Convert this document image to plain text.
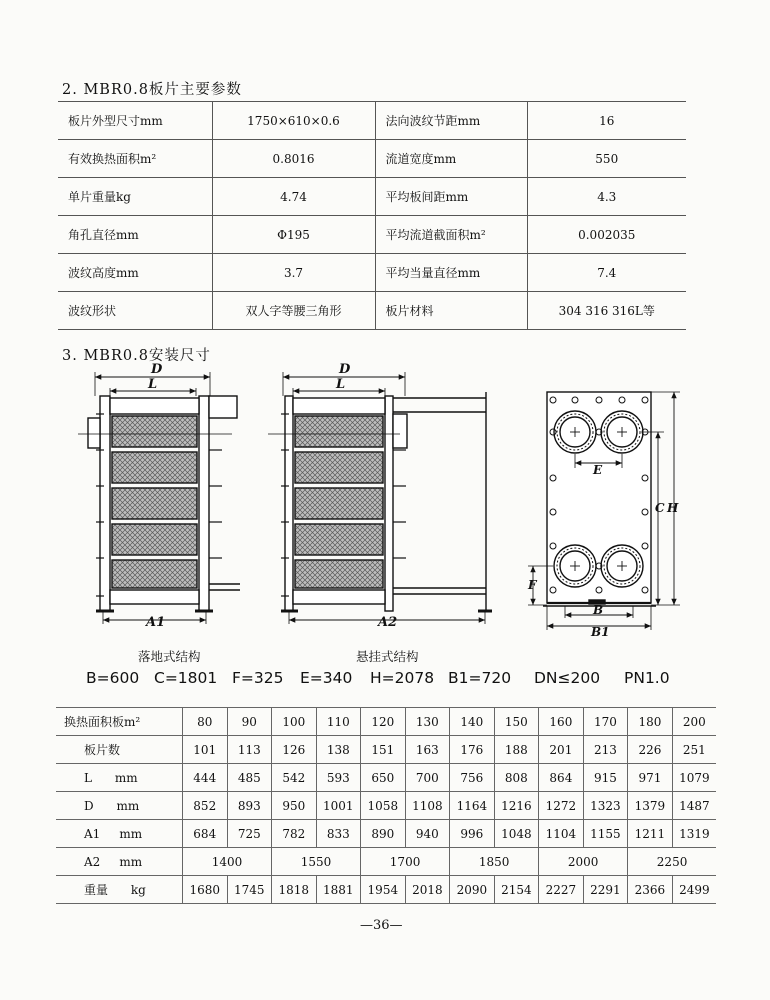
2. MBR0.8板片主要参数
板片外型尺寸mm	1750×610×0.6	法向波纹节距mm	16
有效换热面积m²	0.8016	流道宽度mm	550
单片重量kg	4.74	平均板间距mm	4.3
角孔直径mm	Φ195	平均流道截面积m²	0.002035
波纹高度mm	3.7	平均当量直径mm	7.4
波纹形状	双人字等腰三角形	板片材料	304 316 316L等
3. MBR0.8安装尺寸
D
L
A1
D
L
A2
E
C H
F
B
B1
落地式结构	悬挂式结构
B=600 C=1801 F=325 E=340 H=2078 B1=720 DN≤200 PN1.0
换热面积板m²	80	90	100	110	120	130	140	150	160	170	180	200
板片数	101	113	126	138	151	163	176	188	201	213	226	251
L      mm	444	485	542	593	650	700	756	808	864	915	971	1079
D      mm	852	893	950	1001	1058	1108	1164	1216	1272	1323	1379	1487
A1     mm	684	725	782	833	890	940	996	1048	1104	1155	1211	1319
A2     mm	1400		1550		1700		1850		2000		2250	
重量      kg	1680	1745	1818	1881	1954	2018	2090	2154	2227	2291	2366	2499
—36—
